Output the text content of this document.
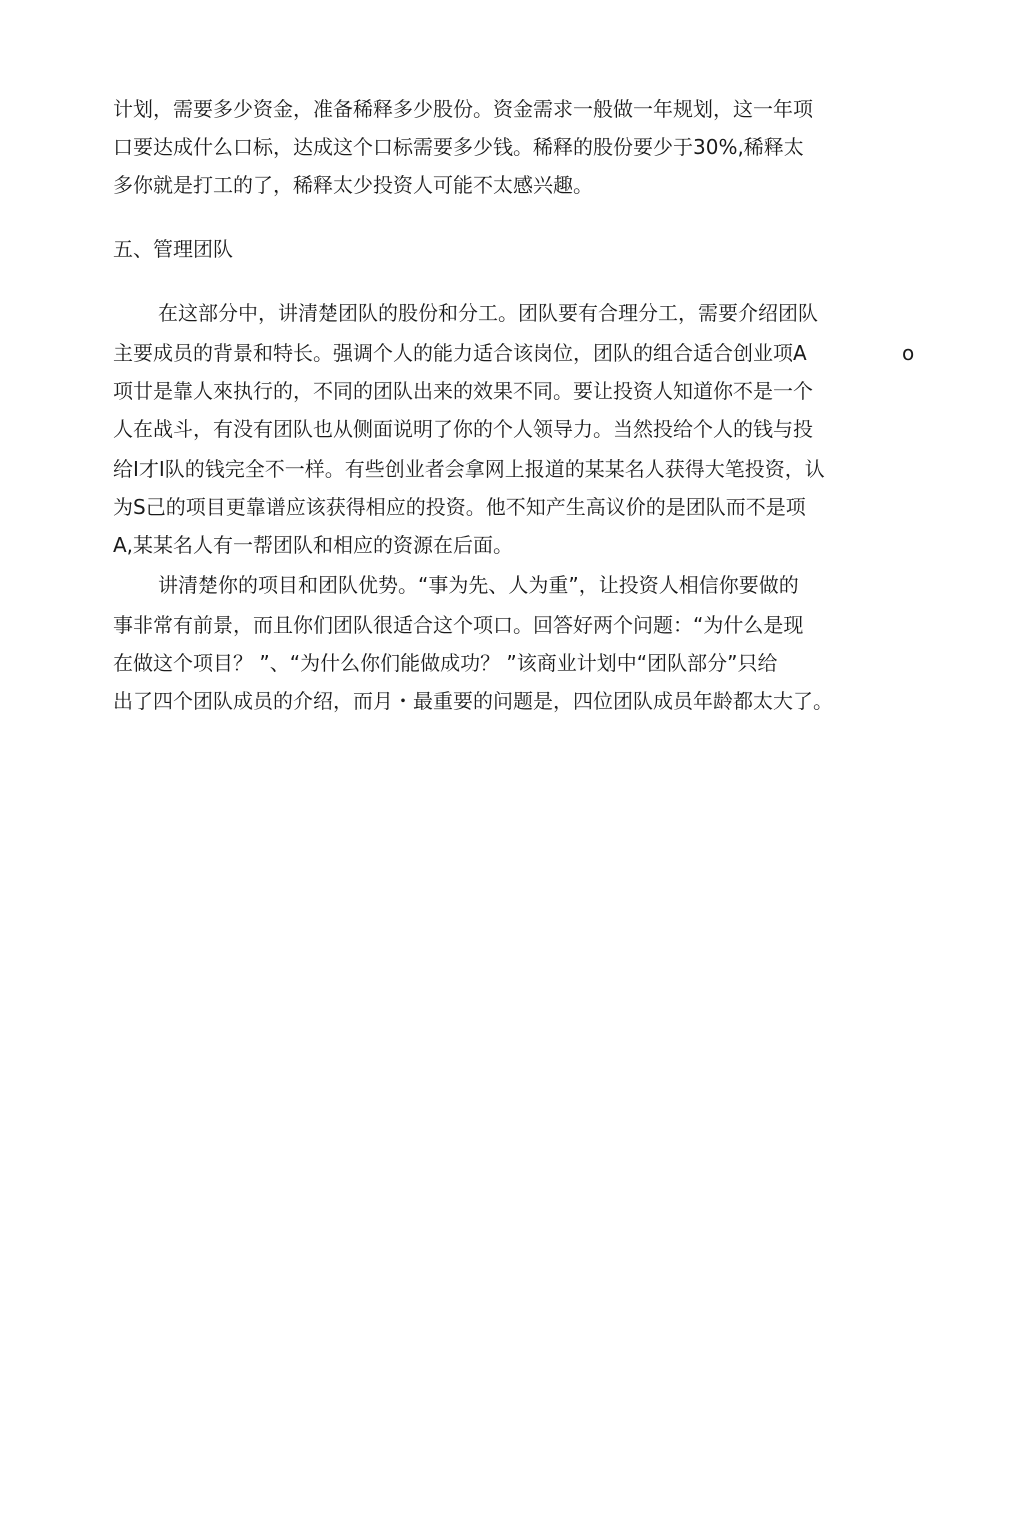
计划，需要多少资金，准备稀释多少股份。资金需求一般做一年规划，这一年项
口要达成什么口标，达成这个口标需要多少钱。稀释的股份要少于30%,稀释太
多你就是打工的了，稀释太少投资人可能不太感兴趣。
五、管理团队
在这部分中，讲清楚团队的股份和分工。团队要有合理分工，需要介绍团队
主要成员的背景和特长。强调个人的能力适合该岗位，团队的组合适合创业项A	o
项廿是靠人來执行的，不同的团队出来的效果不同。要让投资人知道你不是一个
人在战斗，有没有团队也从侧面说明了你的个人领导力。当然投给个人的钱与投
给I才I队的钱完全不一样。有些创业者会拿网上报道的某某名人获得大笔投资，认
为S己的项目更靠谱应该获得相应的投资。他不知产生高议价的是团队而不是项
A,某某名人有一帮团队和相应的资源在后面。
讲清楚你的项目和团队优势。“事为先、人为重”，让投资人相信你要做的
事非常有前景，而且你们团队很适合这个项口。回答好两个问题：“为什么是现
在做这个项目？ ”、“为什么你们能做成功？ ”该商业计划中“团队部分”只给
出了四个团队成员的介绍，而月・最重要的问题是，四位团队成员年龄都太大了。
